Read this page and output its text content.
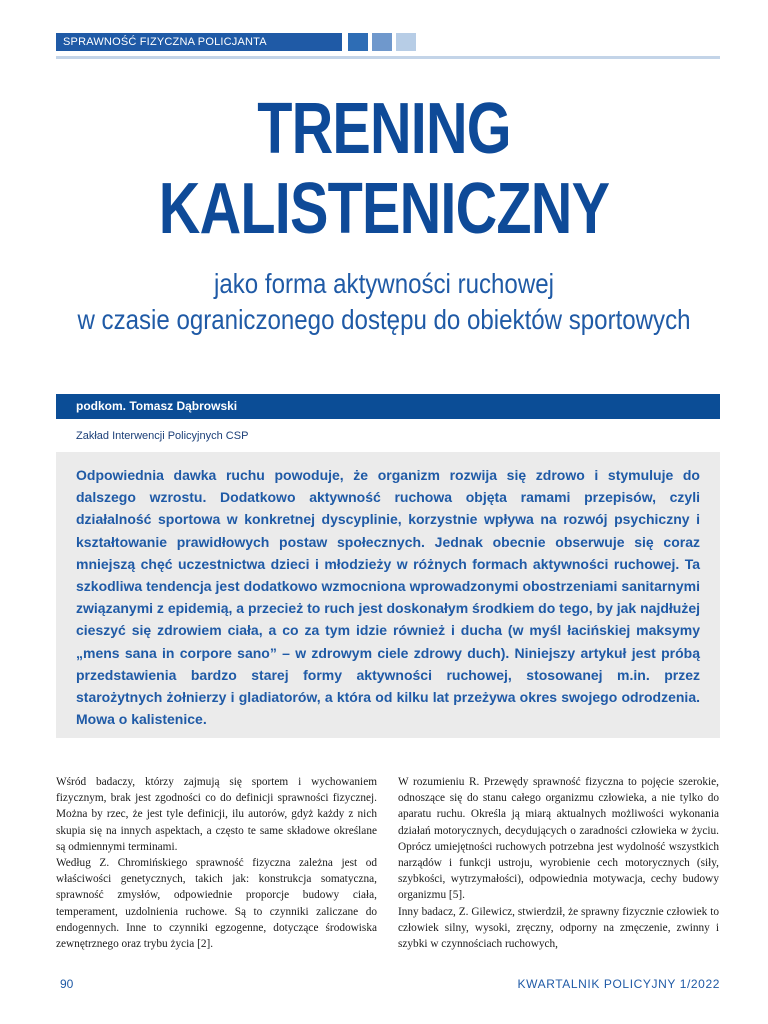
SPRAWNOŚĆ FIZYCZNA POLICJANTA
TRENING
KALISTENICZNY
jako forma aktywności ruchowej
w czasie ograniczonego dostępu do obiektów sportowych
podkom. Tomasz Dąbrowski
Zakład Interwencji Policyjnych CSP
Odpowiednia dawka ruchu powoduje, że organizm rozwija się zdrowo i stymuluje do dalszego wzrostu. Dodatkowo aktywność ruchowa objęta ramami przepisów, czyli działalność sportowa w konkretnej dyscyplinie, korzystnie wpływa na rozwój psychiczny i kształtowanie prawidłowych postaw społecznych. Jednak obecnie obserwuje się coraz mniejszą chęć uczestnictwa dzieci i młodzieży w różnych formach aktywności ruchowej. Ta szkodliwa tendencja jest dodatkowo wzmocniona wprowadzonymi obostrzeniami sanitarnymi związanymi z epidemią, a przecież to ruch jest doskonałym środkiem do tego, by jak najdłużej cieszyć się zdrowiem ciała, a co za tym idzie również i ducha (w myśl łacińskiej maksymy „mens sana in corpore sano” – w zdrowym ciele zdrowy duch). Niniejszy artykuł jest próbą przedstawienia bardzo starej formy aktywności ruchowej, stosowanej m.in. przez starożytnych żołnierzy i gladiatorów, a która od kilku lat przeżywa okres swojego odrodzenia. Mowa o kalistenice.

Wśród badaczy, którzy zajmują się sportem i wychowaniem fizycznym, brak jest zgodności co do definicji sprawności fizycznej. Można by rzec, że jest tyle definicji, ilu autorów, gdyż każdy z nich skupia się na innych aspektach, a często te same składowe określane są odmiennymi terminami.

Według Z. Chromińskiego sprawność fizyczna zależna jest od właściwości genetycznych, takich jak: konstrukcja somatyczna, sprawność zmysłów, odpowiednie proporcje budowy ciała, temperament, uzdolnienia ruchowe. Są to czynniki zaliczane do endogennych. Inne to czynniki egzogenne, dotyczące środowiska zewnętrznego oraz trybu życia [2].

W rozumieniu R. Przewędy sprawność fizyczna to pojęcie szerokie, odnoszące się do stanu całego organizmu człowieka, a nie tylko do aparatu ruchu. Określa ją miarą aktualnych możliwości wykonania działań motorycznych, decydujących o zaradności człowieka w życiu. Oprócz umiejętności ruchowych potrzebna jest wydolność wszystkich narządów i funkcji ustroju, wyrobienie cech motorycznych (siły, szybkości, wytrzymałości), odpowiednia motywacja, cechy budowy organizmu [5].

Inny badacz, Z. Gilewicz, stwierdził, że sprawny fizycznie człowiek to człowiek silny, wysoki, zręczny, odporny na zmęczenie, zwinny i szybki w czynnościach ruchowych,

90	KWARTALNIK POLICYJNY 1/2022
